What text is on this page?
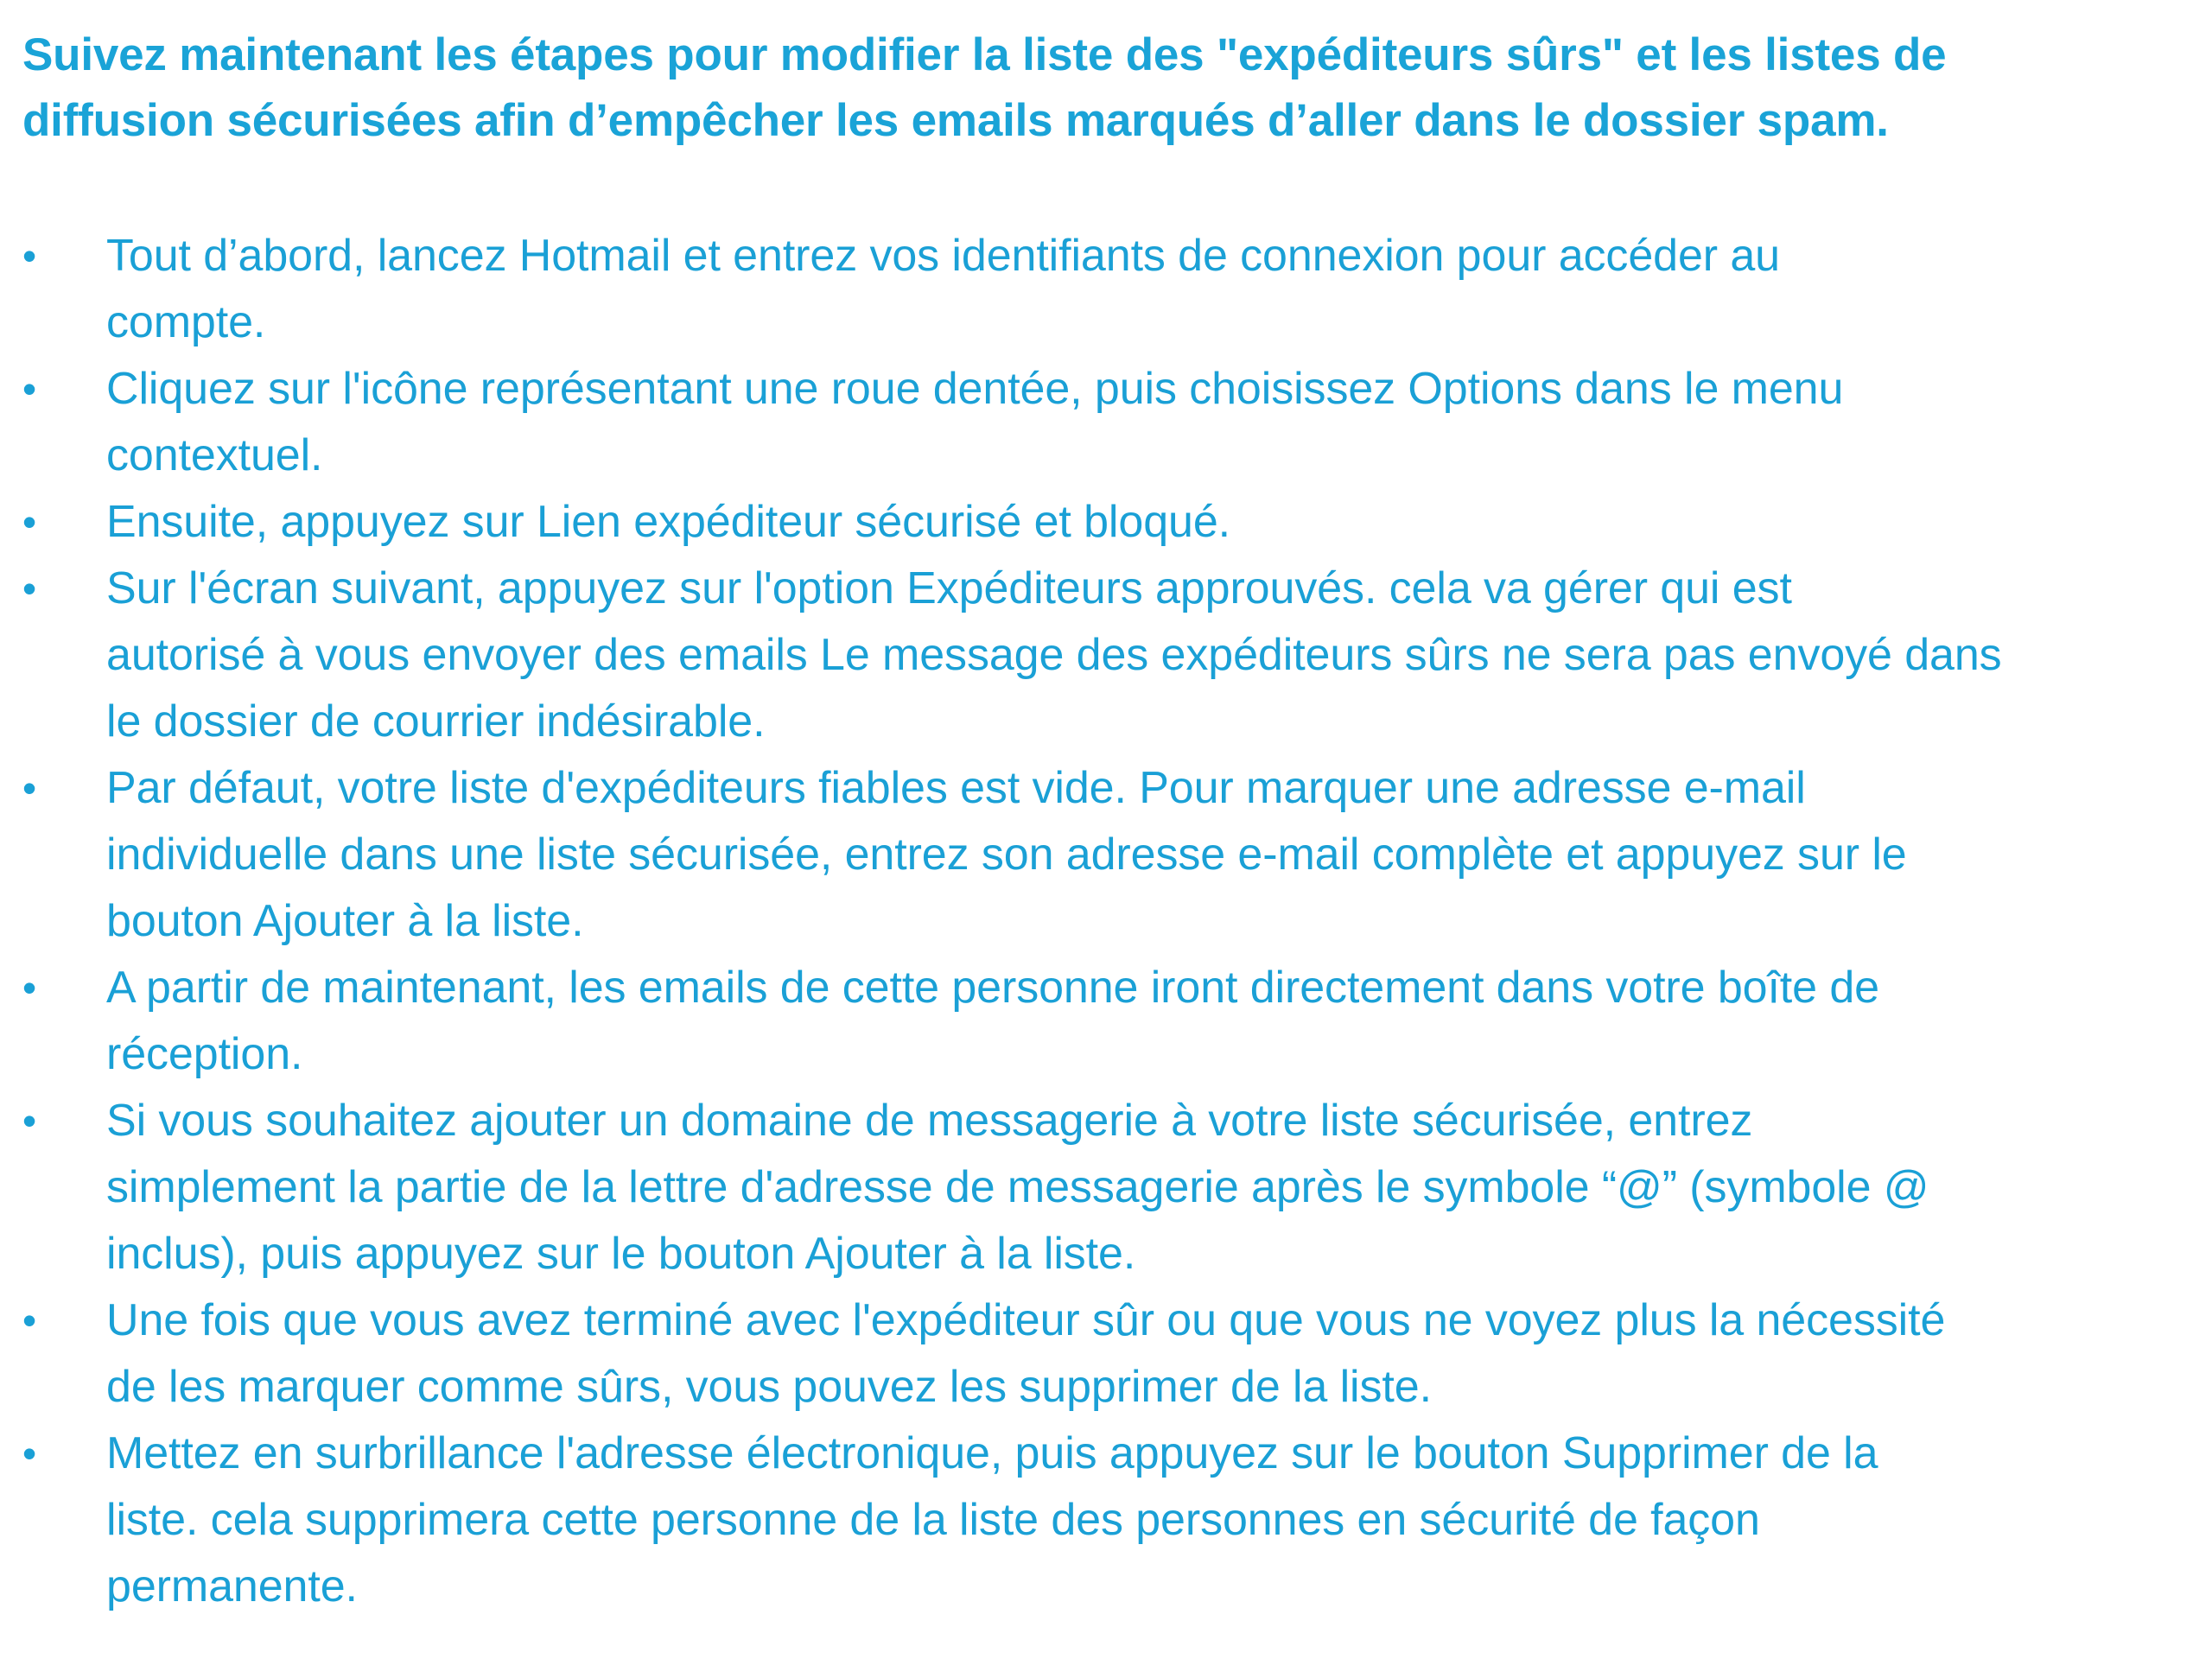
Suivez maintenant les étapes pour modifier la liste des "expéditeurs sûrs" et les listes de
diffusion sécurisées afin d’empêcher les emails marqués d’aller dans le dossier spam.
•	Tout d’abord, lancez Hotmail et entrez vos identifiants de connexion pour accéder au
compte.
•	Cliquez sur l'icône représentant une roue dentée, puis choisissez Options dans le menu
contextuel.
•	Ensuite, appuyez sur Lien expéditeur sécurisé et bloqué.
•	Sur l'écran suivant, appuyez sur l'option Expéditeurs approuvés. cela va gérer qui est
autorisé à vous envoyer des emails Le message des expéditeurs sûrs ne sera pas envoyé dans
le dossier de courrier indésirable.
•	Par défaut, votre liste d'expéditeurs fiables est vide. Pour marquer une adresse e-mail
individuelle dans une liste sécurisée, entrez son adresse e-mail complète et appuyez sur le
bouton Ajouter à la liste.
•	A partir de maintenant, les emails de cette personne iront directement dans votre boîte de
réception.
•	Si vous souhaitez ajouter un domaine de messagerie à votre liste sécurisée, entrez
simplement la partie de la lettre d'adresse de messagerie après le symbole “@” (symbole @
inclus), puis appuyez sur le bouton Ajouter à la liste.
•	Une fois que vous avez terminé avec l'expéditeur sûr ou que vous ne voyez plus la nécessité
de les marquer comme sûrs, vous pouvez les supprimer de la liste.
•	Mettez en surbrillance l'adresse électronique, puis appuyez sur le bouton Supprimer de la
liste. cela supprimera cette personne de la liste des personnes en sécurité de façon
permanente.
